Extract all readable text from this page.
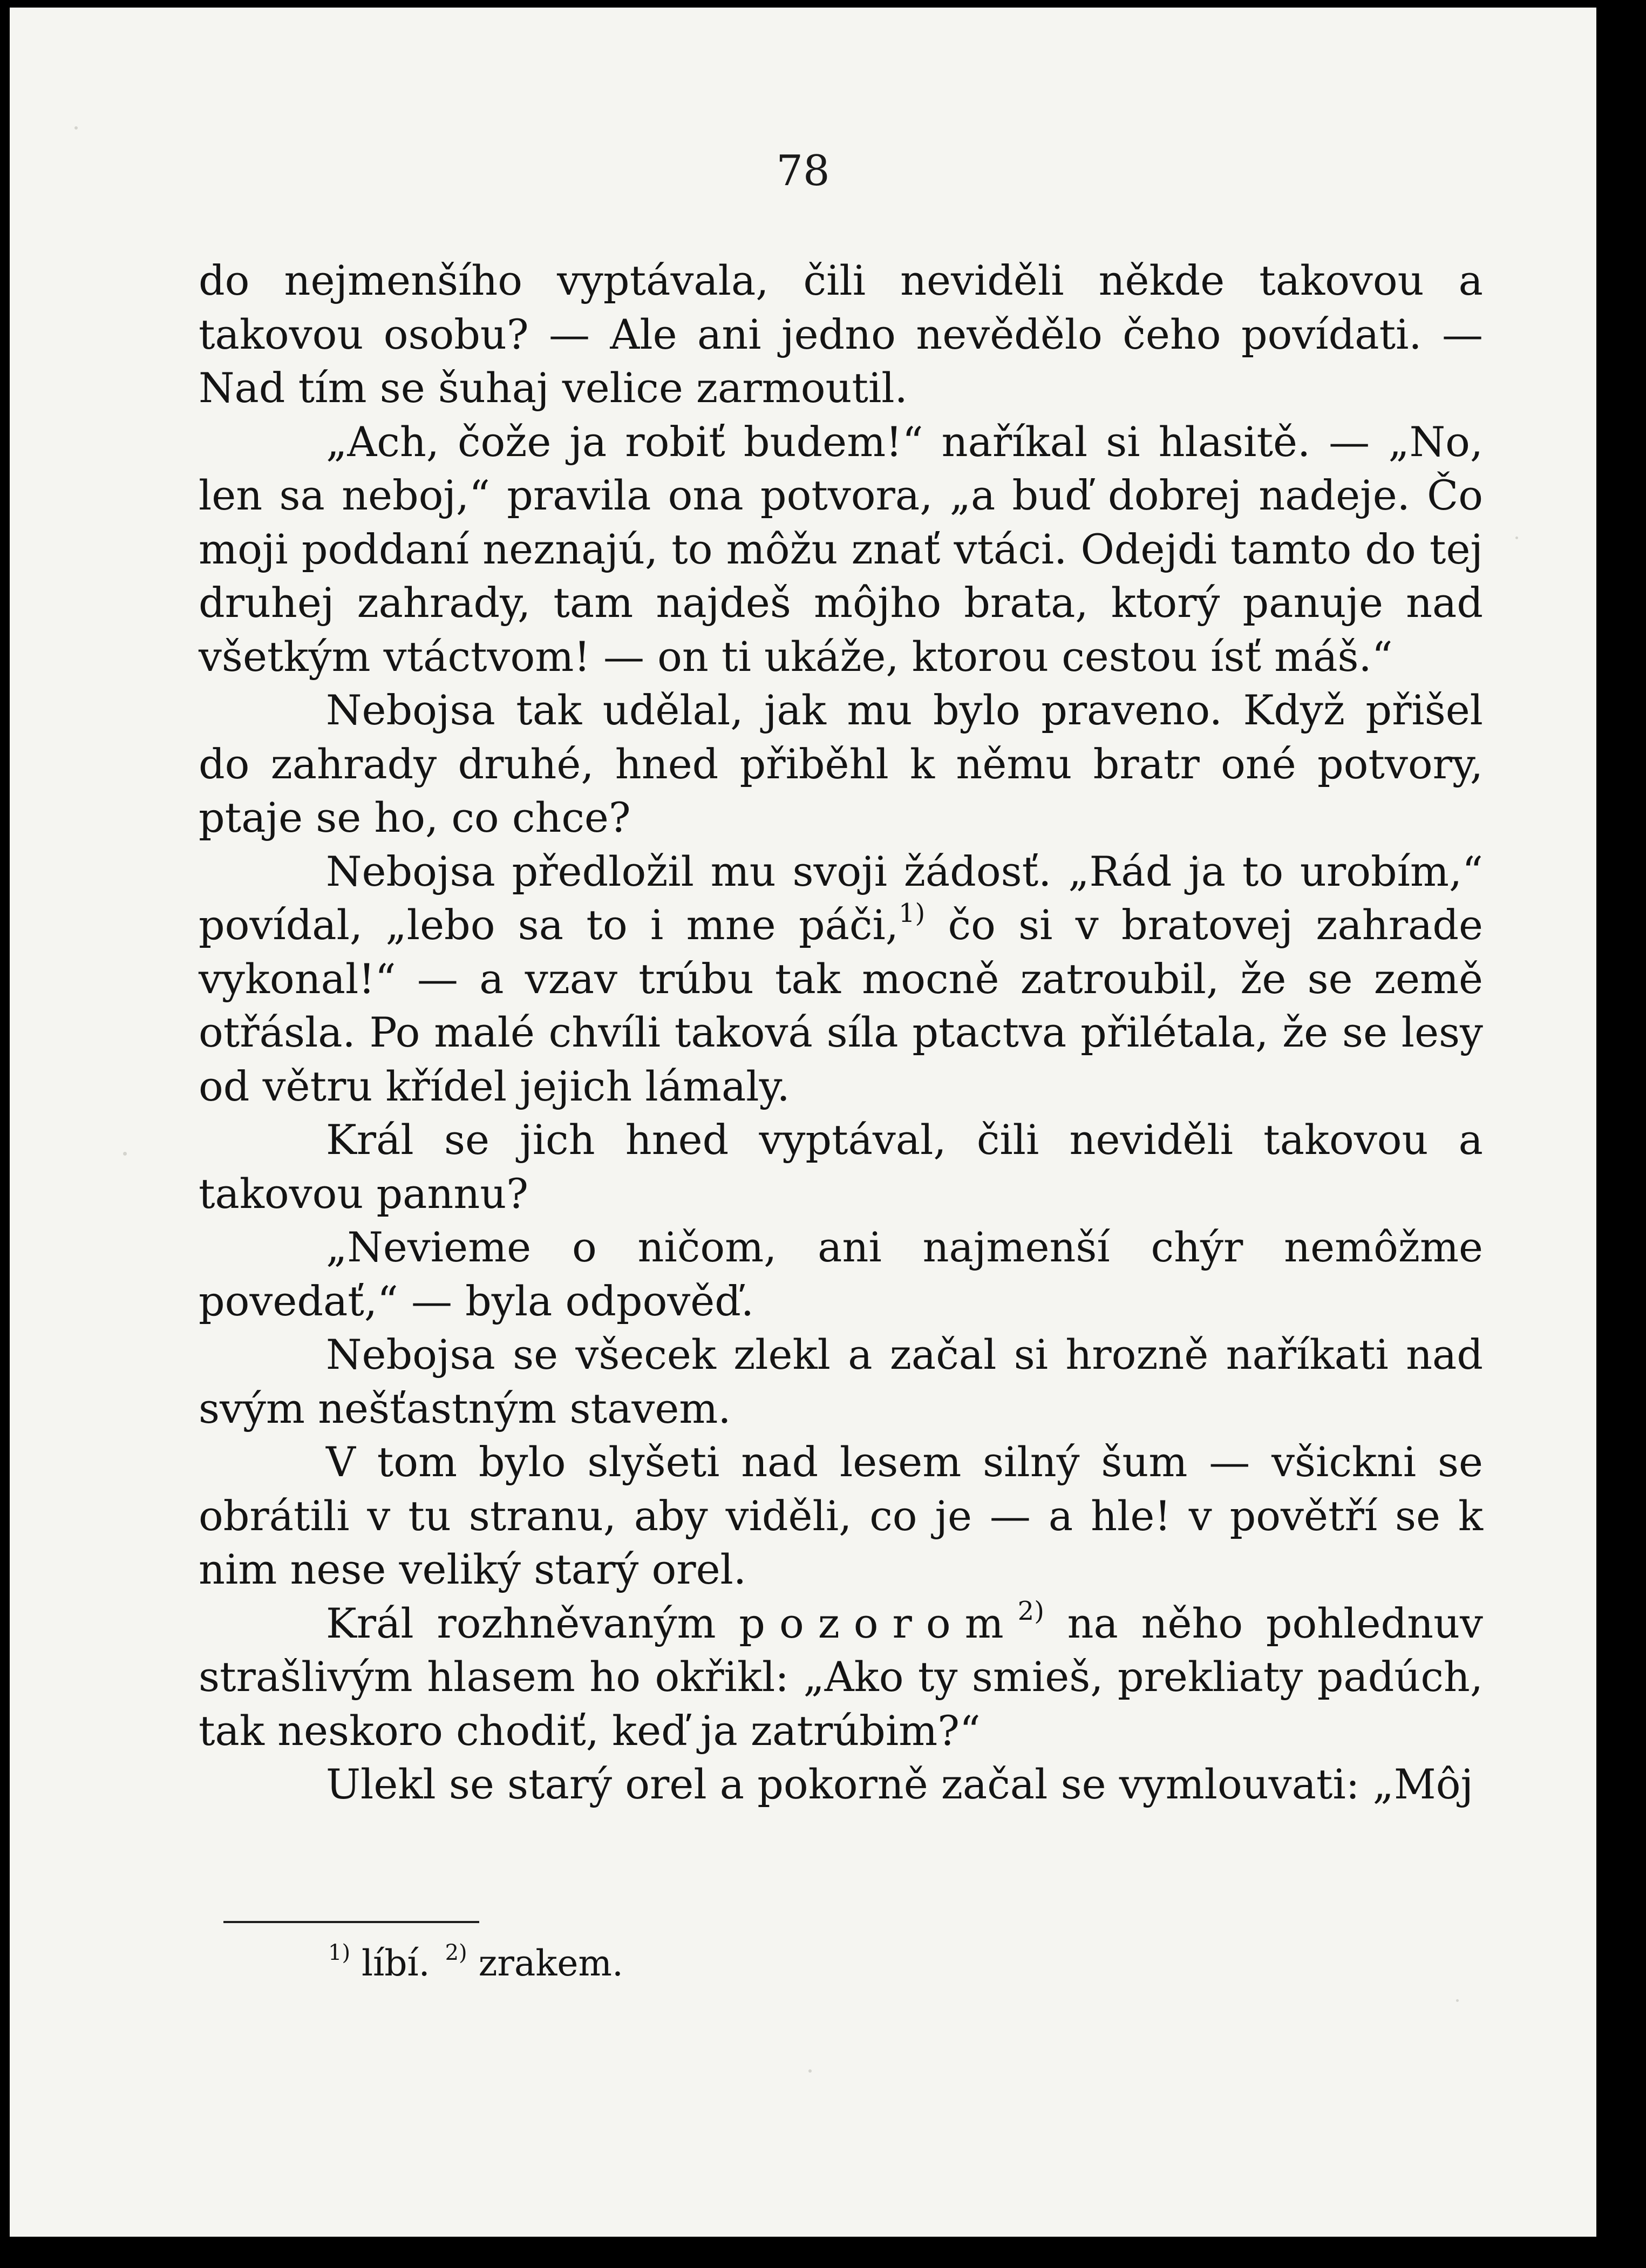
78

do nejmenšího vyptávala, čili neviděli někde takovou a takovou osobu? — Ale ani jedno nevědělo čeho povídati. — Nad tím se šuhaj velice zarmoutil.

„Ach, čože ja robiť budem!“ naříkal si hlasitě. — „No, len sa neboj,“ pravila ona potvora, „a buď dobrej nadeje. Čo moji poddaní neznajú, to môžu znať vtáci. Odejdi tamto do tej druhej zahrady, tam najdeš môjho brata, ktorý panuje nad všetkým vtáctvom! — on ti ukáže, ktorou cestou ísť máš.“

Nebojsa tak udělal, jak mu bylo praveno. Když přišel do zahrady druhé, hned přiběhl k němu bratr oné potvory, ptaje se ho, co chce?

Nebojsa předložil mu svoji žádosť. „Rád ja to urobím,“ povídal, „lebo sa to i mne páči,$^{1)}$ čo si v bratovej zahrade vykonal!“ — a vzav trúbu tak mocně zatroubil, že se země otřásla. Po malé chvíli taková síla ptactva přilétala, že se lesy od větru křídel jejich lámaly.

Král se jich hned vyptával, čili neviděli takovou a takovou pannu?

„Nevieme o ničom, ani najmenší chýr nemôžme povedať,“ — byla odpověď.

Nebojsa se všecek zlekl a začal si hrozně naříkati nad svým nešťastným stavem.

V tom bylo slyšeti nad lesem silný šum — všickni se obrátili v tu stranu, aby viděli, co je — a hle! v povětří se k nim nese veliký starý orel.

Král rozhněvaným pozorom$^{2)}$ na něho pohlednuv strašlivým hlasem ho okřikl: „Ako ty smieš, prekliaty padúch, tak neskoro chodiť, keď ja zatrúbim?“

Ulekl se starý orel a pokorně začal se vymlouvati: „Môj

$^{1)}$ líbí. $^{2)}$ zrakem.
